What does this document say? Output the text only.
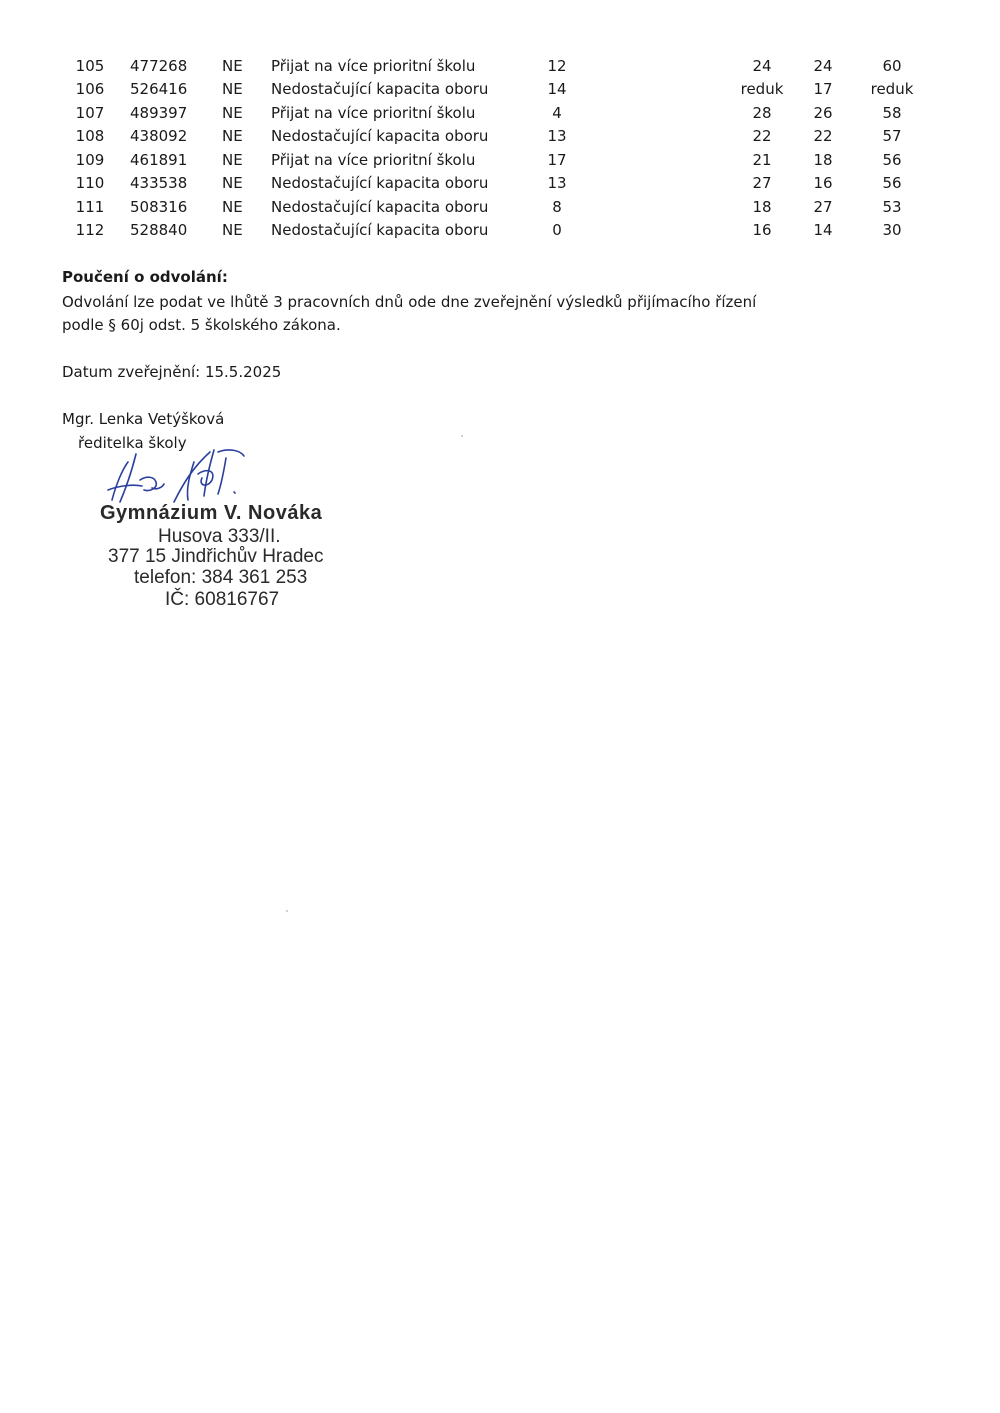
105 477268 NE Přijat na více prioritní školu	12	24	24	60
106 526416 NE Nedostačující kapacita oboru	14	reduk	17	reduk
107 489397 NE Přijat na více prioritní školu	4	28	26	58
108 438092 NE Nedostačující kapacita oboru	13	22	22	57
109 461891 NE Přijat na více prioritní školu	17	21	18	56
110 433538 NE Nedostačující kapacita oboru	13	27	16	56
111 508316 NE Nedostačující kapacita oboru	8	18	27	53
112 528840 NE Nedostačující kapacita oboru	0	16	14	30
Poučení o odvolání:
Odvolání lze podat ve lhůtě 3 pracovních dnů ode dne zveřejnění výsledků přijímacího řízení
podle § 60j odst. 5 školského zákona.
Datum zveřejnění: 15.5.2025
Mgr. Lenka Vetýšková
ředitelka školy
Gymnázium V. Nováka
Husova 333/II.
377 15 Jindřichův Hradec
telefon: 384 361 253
IČ: 60816767
